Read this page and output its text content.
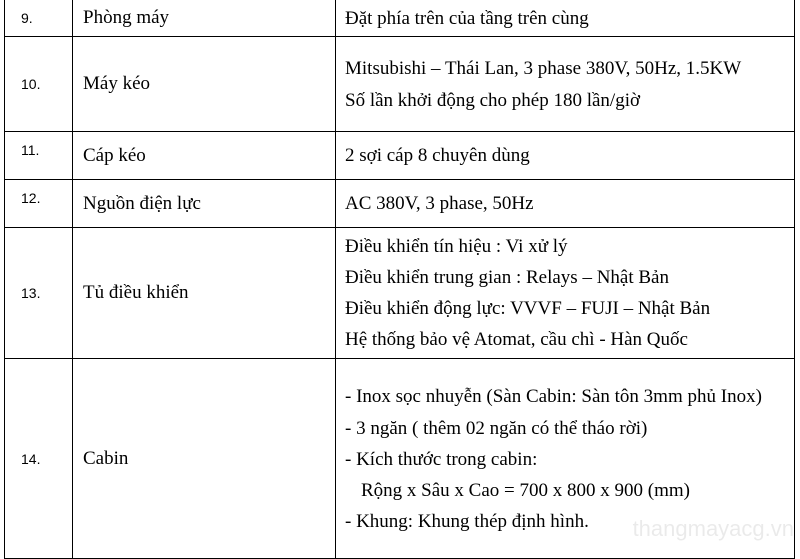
9.	Phòng máy	Đặt phía trên của tầng trên cùng

10.	Máy kéo	Mitsubishi – Thái Lan, 3 phase 380V, 50Hz, 1.5KW
Số lần khởi động cho phép 180 lần/giờ

11.	Cáp kéo	2 sợi cáp 8 chuyên dùng

12.	Nguồn điện lực	AC 380V, 3 phase, 50Hz

13.	Tủ điều khiển	Điều khiển tín hiệu : Vi xử lý
Điều khiển trung gian : Relays – Nhật Bản
Điều khiển động lực: VVVF – FUJI – Nhật Bản
Hệ thống bảo vệ Atomat, cầu chì - Hàn Quốc

14.	Cabin	- Inox sọc nhuyễn (Sàn Cabin: Sàn tôn 3mm phủ Inox)
- 3 ngăn ( thêm 02 ngăn có thể tháo rời)
- Kích thước trong cabin:
Rộng x Sâu x Cao = 700 x 800 x 900 (mm)
- Khung: Khung thép định hình.	thangmayacg.vn
